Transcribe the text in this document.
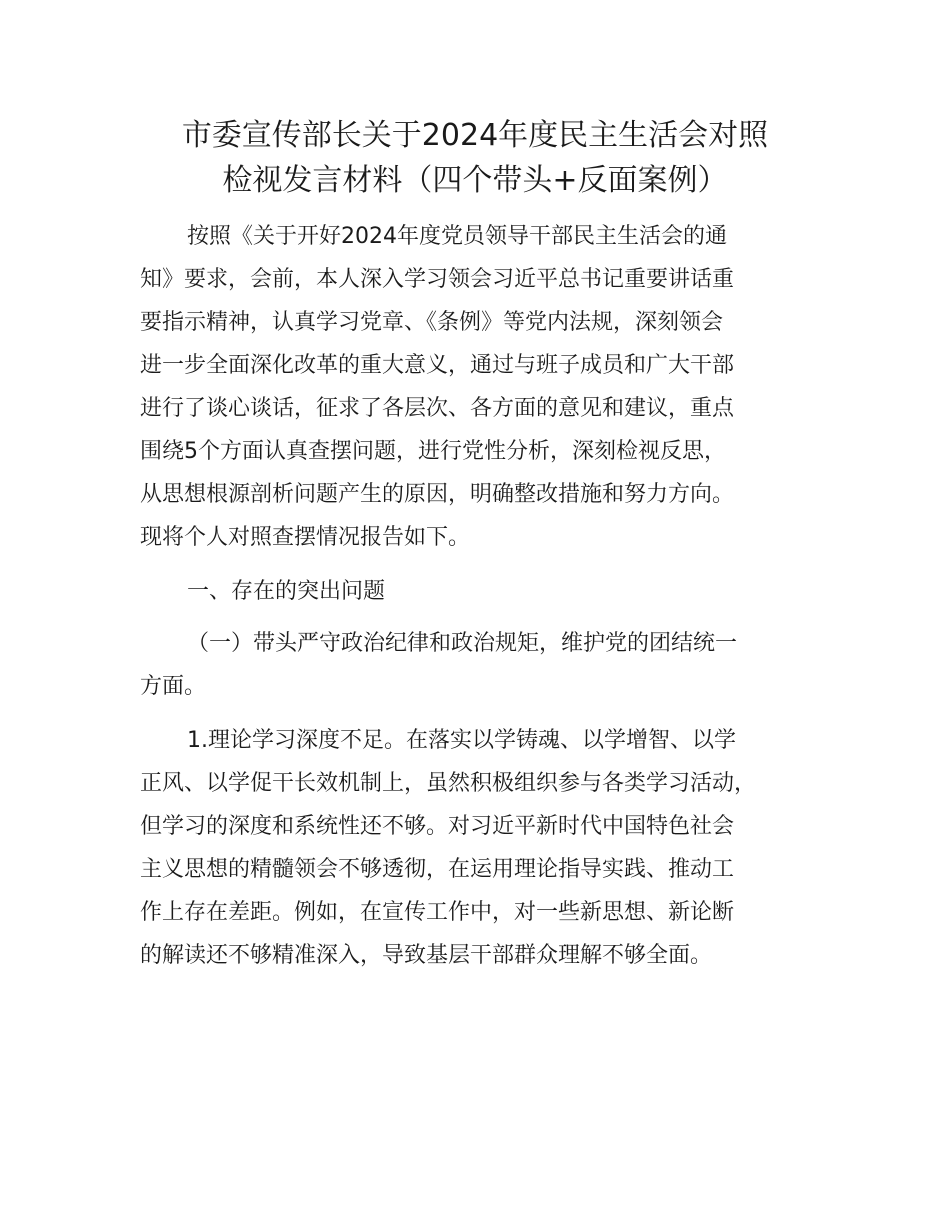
市委宣传部长关于2024年度民主生活会对照
检视发言材料（四个带头+反面案例）

按照《关于开好2024年度党员领导干部民主生活会的通

知》要求，会前，本人深入学习领会习近平总书记重要讲话重

要指示精神，认真学习党章、《条例》等党内法规，深刻领会

进一步全面深化改革的重大意义，通过与班子成员和广大干部

进行了谈心谈话，征求了各层次、各方面的意见和建议，重点

围绕5个方面认真查摆问题，进行党性分析，深刻检视反思，

从思想根源剖析问题产生的原因，明确整改措施和努力方向。

现将个人对照查摆情况报告如下。

一、存在的突出问题

（一）带头严守政治纪律和政治规矩，维护党的团结统一

方面。

1.理论学习深度不足。在落实以学铸魂、以学增智、以学

正风、以学促干长效机制上，虽然积极组织参与各类学习活动，

但学习的深度和系统性还不够。对习近平新时代中国特色社会

主义思想的精髓领会不够透彻，在运用理论指导实践、推动工

作上存在差距。例如，在宣传工作中，对一些新思想、新论断

的解读还不够精准深入，导致基层干部群众理解不够全面。
